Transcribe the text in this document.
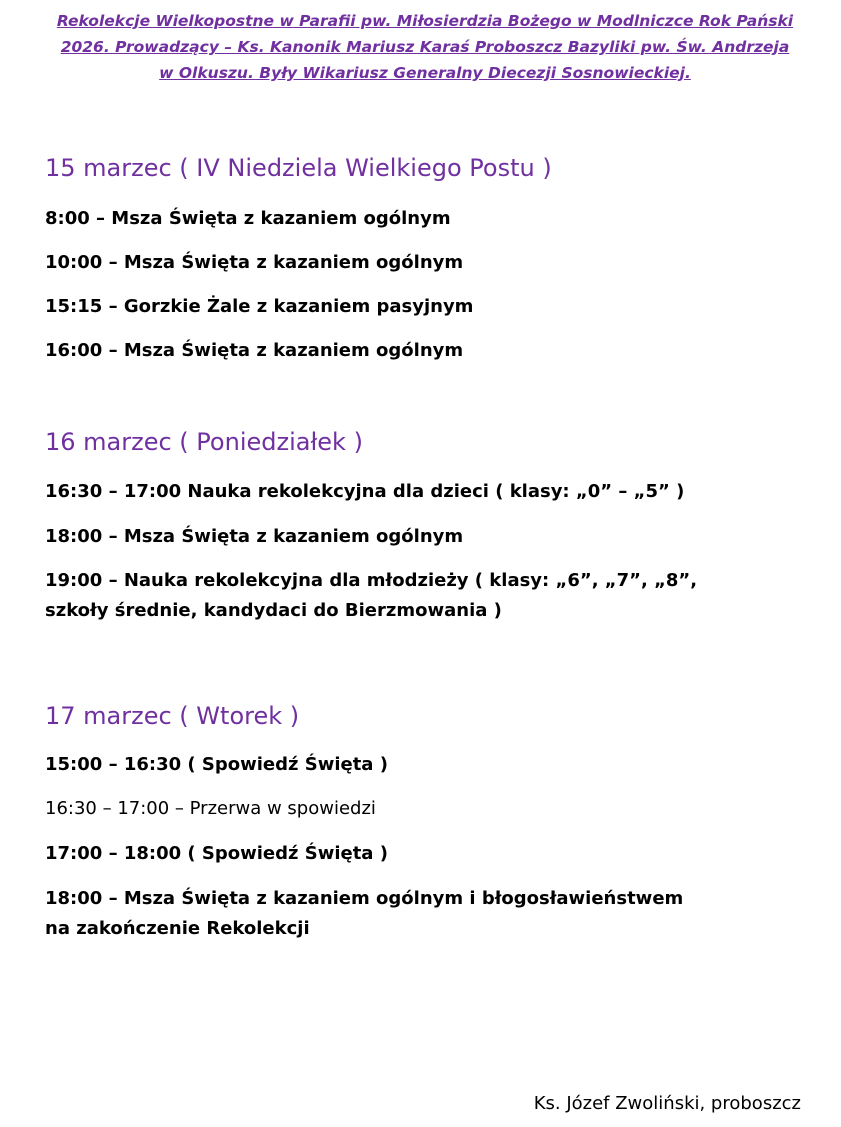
Rekolekcje Wielkopostne w Parafii pw. Miłosierdzia Bożego w Modlniczce Rok Pański
2026. Prowadzący – Ks. Kanonik Mariusz Karaś Proboszcz Bazyliki pw. Św. Andrzeja
w Olkuszu. Były Wikariusz Generalny Diecezji Sosnowieckiej.
15 marzec ( IV Niedziela Wielkiego Postu )
8:00 – Msza Święta z kazaniem ogólnym
10:00 – Msza Święta z kazaniem ogólnym
15:15 – Gorzkie Żale z kazaniem pasyjnym
16:00 – Msza Święta z kazaniem ogólnym
16 marzec ( Poniedziałek )
16:30 – 17:00 Nauka rekolekcyjna dla dzieci ( klasy: „0” – „5” )
18:00 – Msza Święta z kazaniem ogólnym
19:00 – Nauka rekolekcyjna dla młodzieży ( klasy: „6”, „7”, „8”,
szkoły średnie, kandydaci do Bierzmowania )
17 marzec ( Wtorek )
15:00 – 16:30 ( Spowiedź Święta )
16:30 – 17:00 – Przerwa w spowiedzi
17:00 – 18:00 ( Spowiedź Święta )
18:00 – Msza Święta z kazaniem ogólnym i błogosławieństwem
na zakończenie Rekolekcji
Ks. Józef Zwoliński, proboszcz
